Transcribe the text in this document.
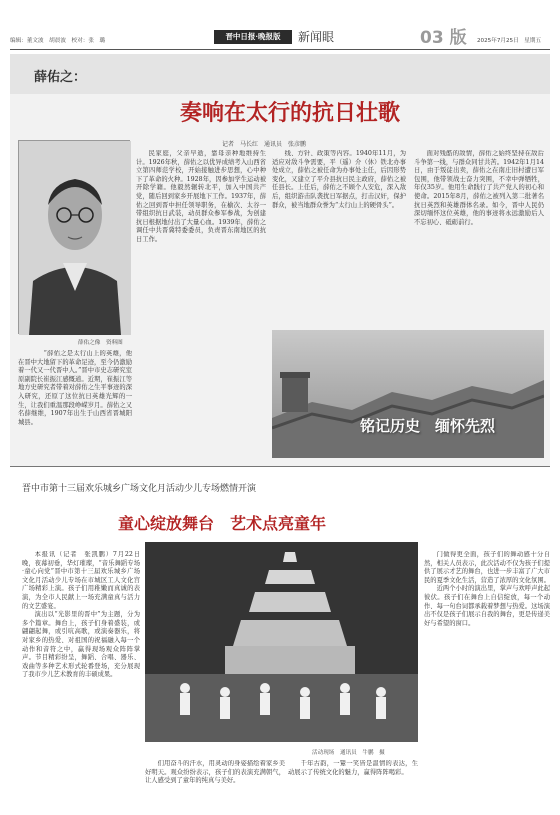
编辑：董文波　胡晨波　校对：张　璐	晋中日报·晚报版	新闻眼	03 版 2025年7月25日　星期五
薛佑之：
奏响在太行的抗日壮歌
记者　马长红　通讯员　张彦鹏
薛佑之像　资料图

　　“薛佑之是太行山上的英雄，他在晋中大地留下的革命足迹，至今仍激励着一代又一代晋中人。”晋中市史志研究室原副院长崔振江感慨道。近期，崔振江等地方史研究者带着对薛佑之生平事迹的深入研究，还原了这位抗日英雄光辉的一生，让我们重温那段峥嵘岁月。薛佑之又名薛继维，1907年出生于山西省晋城阳城县。

民家庭，父亲早逝，靠母亲种地维持生计。1926年秋，薛佑之以优异成绩考入山西省立第四师范学校，开始接触进步思想，心中种下了革命的火种。1928年，因参加学生运动被开除学籍。他毅然辗转北平，加入中国共产党，随后回到家乡开展地下工作。1937年，薛佑之回到晋中担任领导职务，在榆次、太谷一带组织抗日武装，动员群众参军参战，为创建抗日根据地付出了大量心血。1939年，薛佑之调任中共晋冀特委委员，负责晋东南地区的抗日工作。

线、方针、政策等内容。1940年11月，为适应对敌斗争需要，平（遥）介（休）铁北办事处成立，薛佑之被任命为办事处主任，后因形势变化，又建立了平介县抗日民主政府，薛佑之被任县长。上任后，薛佑之不顾个人安危，深入敌后，组织游击队袭扰日军据点，打击汉奸，保护群众，被当地群众誉为“太行山上的硬骨头”。

面对残酷的敌情，薛佑之始终坚持在敌后斗争第一线，与群众同甘共苦。1942年1月14日，由于叛徒出卖，薛佑之在南庄旧村遭日军包围，他带领战士奋力突围，不幸中弹牺牲，年仅35岁。他用生命践行了共产党人的初心和使命。2015年8月，薛佑之被列入第二批著名抗日英烈和英雄群体名录。如今，晋中人民仍深切缅怀这位英雄，他的事迹将永远激励后人不忘初心、砥砺前行。

铭记历史　缅怀先烈
晋中市第十三届欢乐城乡广场文化月活动少儿专场燃情开演
童心绽放舞台　艺术点亮童年

本报讯（记者　张凯鹏）7月22日晚，夜幕初垂，华灯璀璨，“音乐舞蹈专场·童心向党”晋中市第十三届欢乐城乡广场文化月活动少儿专场在市城区工人文化宫广场精彩上演。孩子们用稚嫩而真诚的表演，为全市人民献上一场充满童真与活力的文艺盛宴。

演出以“光影里的晋中”为主题，分为多个篇章。舞台上，孩子们身着盛装，或翩翩起舞，或引吭高歌，或演奏器乐，将对家乡的热爱、对祖国的祝福融入每一个动作和音符之中，赢得现场观众阵阵掌声。节目精彩纷呈，舞蹈、合唱、器乐、戏曲等多种艺术形式轮番登场，充分展现了我市少儿艺术教育的丰硕成果。

活动现场　通讯员　牛鹏　摄

们用奋斗的汗水，用灵动的身姿描绘着家乡美好明天。观众纷纷表示，孩子们的表演充满朝气，让人感受到了童年的纯真与美好。

千年古韵，一颦一笑皆是温情的表达，生动展示了传统文化的魅力，赢得阵阵喝彩。

门做得更全面，孩子们的舞动感十分自然，相关人员表示，此次活动不仅为孩子们提供了展示才艺的舞台，也进一步丰富了广大市民的夏季文化生活，营造了浓厚的文化氛围。

近两个小时的演出里，掌声与欢呼声此起彼伏。孩子们在舞台上自信绽放，每一个动作、每一句台词都承载着梦想与热爱。这场演出不仅是孩子们展示自我的舞台，更是传递美好与希望的窗口。
